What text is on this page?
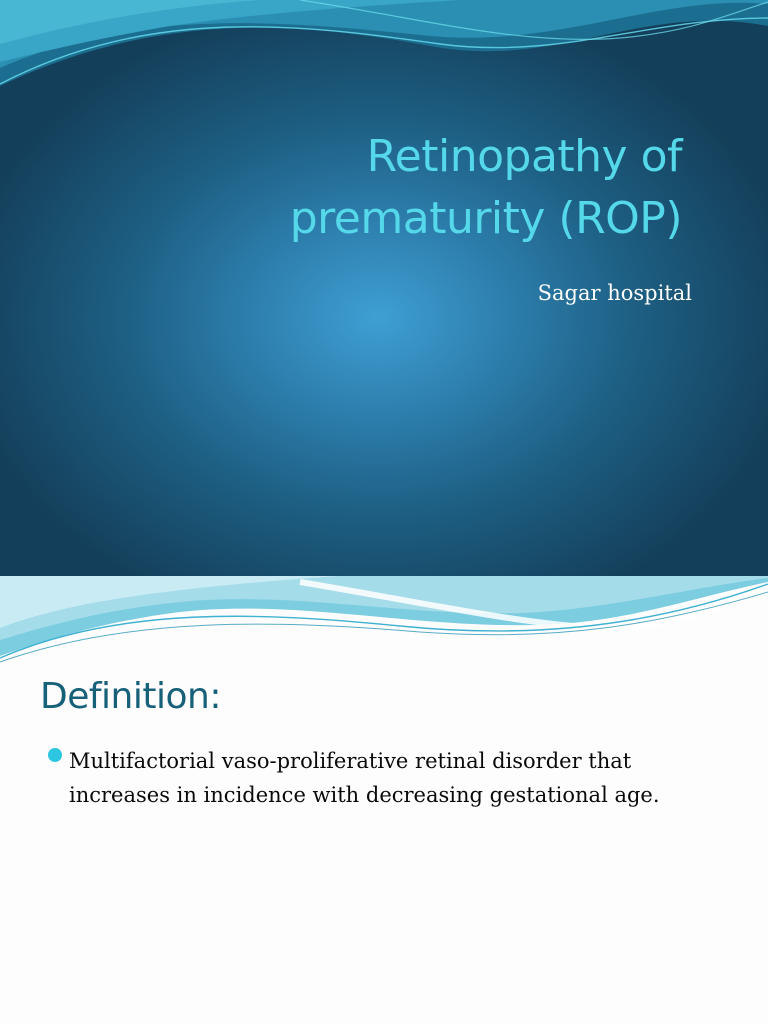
Retinopathy of
prematurity (ROP)

Sagar hospital

Definition:
Multifactorial vaso-proliferative retinal disorder that increases in incidence with decreasing gestational age.
